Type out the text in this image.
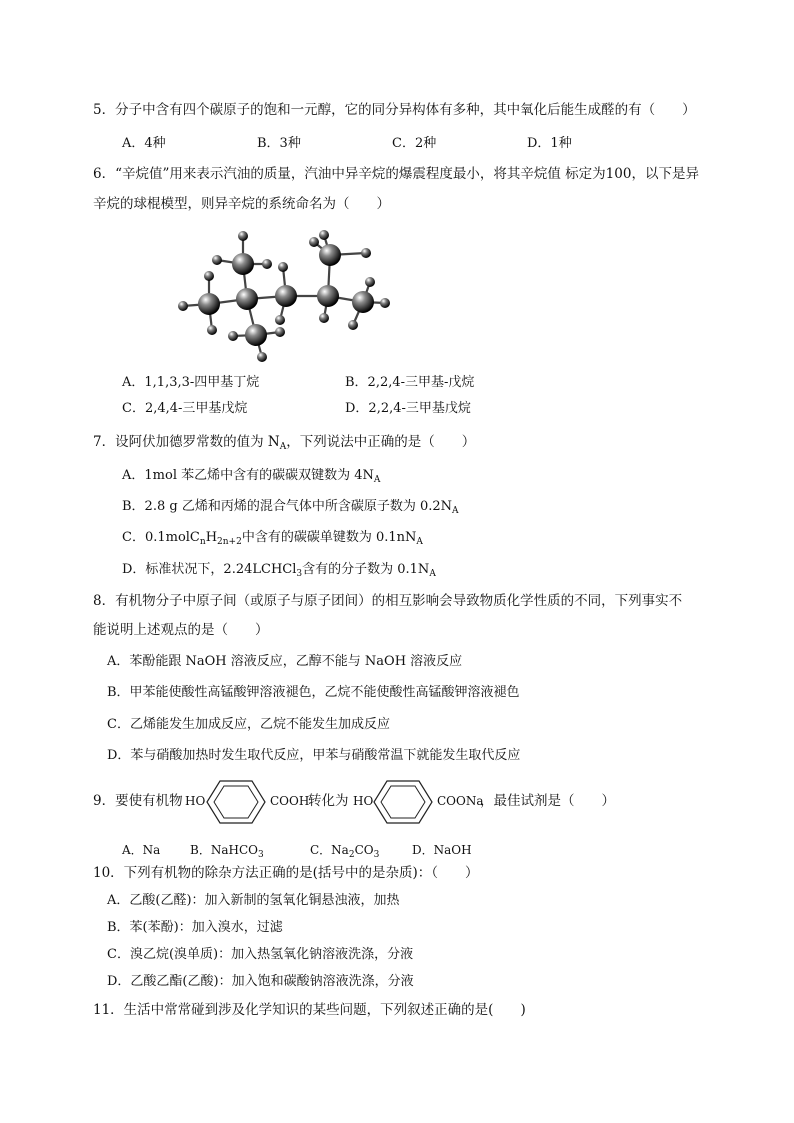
5．分子中含有四个碳原子的饱和一元醇，它的同分异构体有多种，其中氧化后能生成醛的有（　　）
A．4种	B．3种	C．2种	D．1种
6．“辛烷值”用来表示汽油的质量，汽油中异辛烷的爆震程度最小，将其辛烷值 标定为100，以下是异
辛烷的球棍模型，则异辛烷的系统命名为（　　）
A．1,1,3,3-四甲基丁烷	B．2,2,4-三甲基-戊烷
C．2,4,4-三甲基戊烷	D．2,2,4-三甲基戊烷
7．设阿伏加德罗常数的值为 $N_A$，下列说法中正确的是（　　）
A．1mol 苯乙烯中含有的碳碳双键数为 $4N_A$
B．2.8 g 乙烯和丙烯的混合气体中所含碳原子数为 $0.2N_A$
C．$0.1molC_nH_{2n+2}$中含有的碳碳单键数为 $0.1nN_A$
D．标准状况下，2.24LCHCl$_3$含有的分子数为 $0.1N_A$
8．有机物分子中原子间（或原子与原子团间）的相互影响会导致物质化学性质的不同，下列事实不
能说明上述观点的是（　　）
A．苯酚能跟 NaOH 溶液反应，乙醇不能与 NaOH 溶液反应
B．甲苯能使酸性高锰酸钾溶液褪色，乙烷不能使酸性高锰酸钾溶液褪色
C．乙烯能发生加成反应，乙烷不能发生加成反应
D．苯与硝酸加热时发生取代反应，甲苯与硝酸常温下就能发生取代反应
9．要使有机物 HO	COOH
转化为 HO	COONa
，最佳试剂是（　　）
A．Na B．NaHCO$_3$	C．$Na_2CO_3$	D．NaOH
10．下列有机物的除杂方法正确的是(括号中的是杂质)：（　　）
A．乙酸(乙醛)：加入新制的氢氧化铜悬浊液，加热
B．苯(苯酚)：加入溴水，过滤
C．溴乙烷(溴单质)：加入热氢氧化钠溶液洗涤，分液
D．乙酸乙酯(乙酸)：加入饱和碳酸钠溶液洗涤，分液
11．生活中常常碰到涉及化学知识的某些问题，下列叙述正确的是(　　)
